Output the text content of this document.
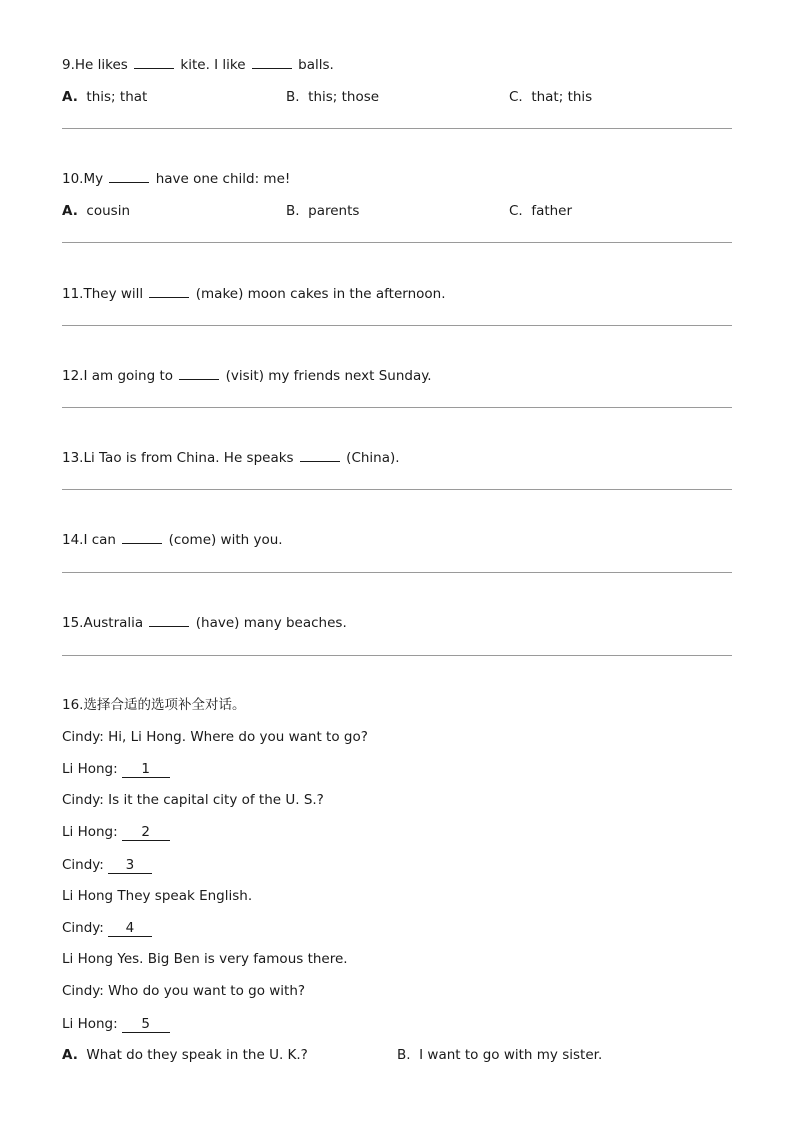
9.He likes	kite. I like	balls.
A. this; that	B. this; those	C. that; this
10.My	have one child: me!
A. cousin	B. parents	C. father
11.They will	(make) moon cakes in the afternoon.
12.I am going to	(visit) my friends next Sunday.
13.Li Tao is from China. He speaks	(China).
14.I can	(come) with you.
15.Australia	(have) many beaches.
16.选择合适的选项补全对话。
Cindy: Hi, Li Hong. Where do you want to go?
Li Hong: 1
Cindy: Is it the capital city of the U. S.?
Li Hong: 2
Cindy: 3
Li Hong They speak English.
Cindy: 4
Li Hong Yes. Big Ben is very famous there.
Cindy: Who do you want to go with?
Li Hong: 5
A. What do they speak in the U. K.?	B. I want to go with my sister.
